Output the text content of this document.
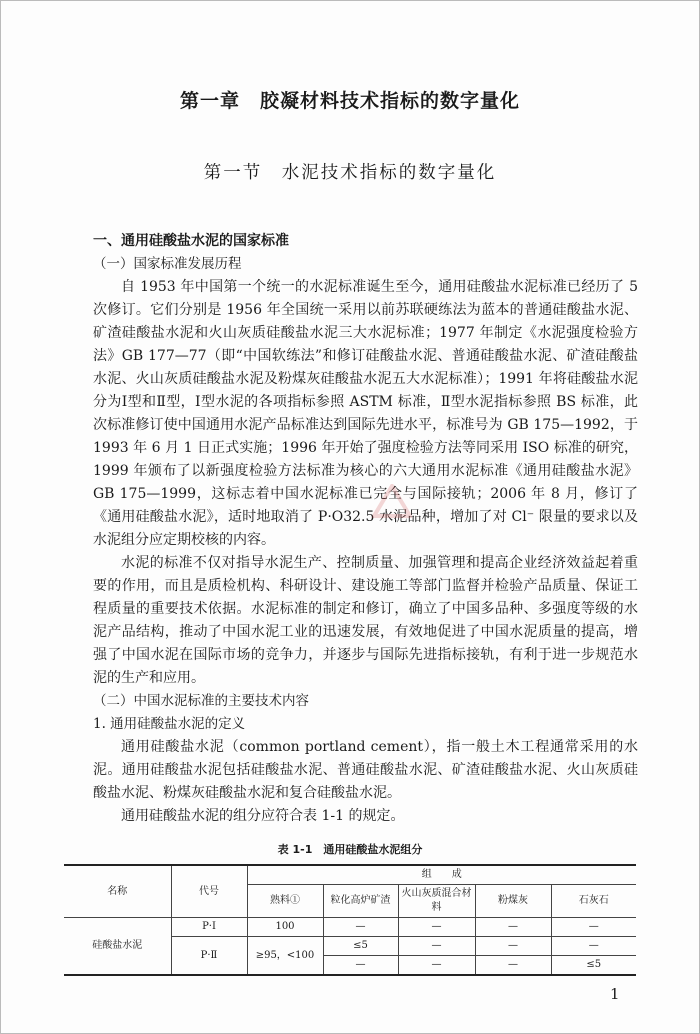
第一章　胶凝材料技术指标的数字量化
第一节　水泥技术指标的数字量化

一、通用硅酸盐水泥的国家标准

（一）国家标准发展历程

自 1953 年中国第一个统一的水泥标准诞生至今，通用硅酸盐水泥标准已经历了 5 次修订。它们分别是 1956 年全国统一采用以前苏联硬练法为蓝本的普通硅酸盐水泥、矿渣硅酸盐水泥和火山灰质硅酸盐水泥三大水泥标准；1977 年制定《水泥强度检验方法》GB 177—77（即“中国软练法”和修订硅酸盐水泥、普通硅酸盐水泥、矿渣硅酸盐水泥、火山灰质硅酸盐水泥及粉煤灰硅酸盐水泥五大水泥标准）；1991 年将硅酸盐水泥分为Ⅰ型和Ⅱ型，Ⅰ型水泥的各项指标参照 ASTM 标准，Ⅱ型水泥指标参照 BS 标准，此次标准修订使中国通用水泥产品标准达到国际先进水平，标准号为 GB 175—1992，于 1993 年 6 月 1 日正式实施；1996 年开始了强度检验方法等同采用 ISO 标准的研究，1999 年颁布了以新强度检验方法标准为核心的六大通用水泥标准《通用硅酸盐水泥》GB 175—1999，这标志着中国水泥标准已完全与国际接轨；2006 年 8 月，修订了《通用硅酸盐水泥》，适时地取消了 P·O32.5 水泥品种，增加了对 Cl⁻ 限量的要求以及水泥组分应定期校核的内容。

水泥的标准不仅对指导水泥生产、控制质量、加强管理和提高企业经济效益起着重要的作用，而且是质检机构、科研设计、建设施工等部门监督并检验产品质量、保证工程质量的重要技术依据。水泥标准的制定和修订，确立了中国多品种、多强度等级的水泥产品结构，推动了中国水泥工业的迅速发展，有效地促进了中国水泥质量的提高，增强了中国水泥在国际市场的竞争力，并逐步与国际先进指标接轨，有利于进一步规范水泥的生产和应用。

（二）中国水泥标准的主要技术内容

1. 通用硅酸盐水泥的定义

通用硅酸盐水泥（common portland cement），指一般土木工程通常采用的水泥。通用硅酸盐水泥包括硅酸盐水泥、普通硅酸盐水泥、矿渣硅酸盐水泥、火山灰质硅酸盐水泥、粉煤灰硅酸盐水泥和复合硅酸盐水泥。

通用硅酸盐水泥的组分应符合表 1-1 的规定。

表 1-1　通用硅酸盐水泥组分
名称	代号	组　　成				
		熟料①	粒化高炉矿渣	火山灰质混合材料	粉煤灰	石灰石
硅酸盐水泥	P·Ⅰ	100	—	—	—	—
	P·Ⅱ	≥95，<100	≤5	—	—	—
			—	—	—	≤5
1
